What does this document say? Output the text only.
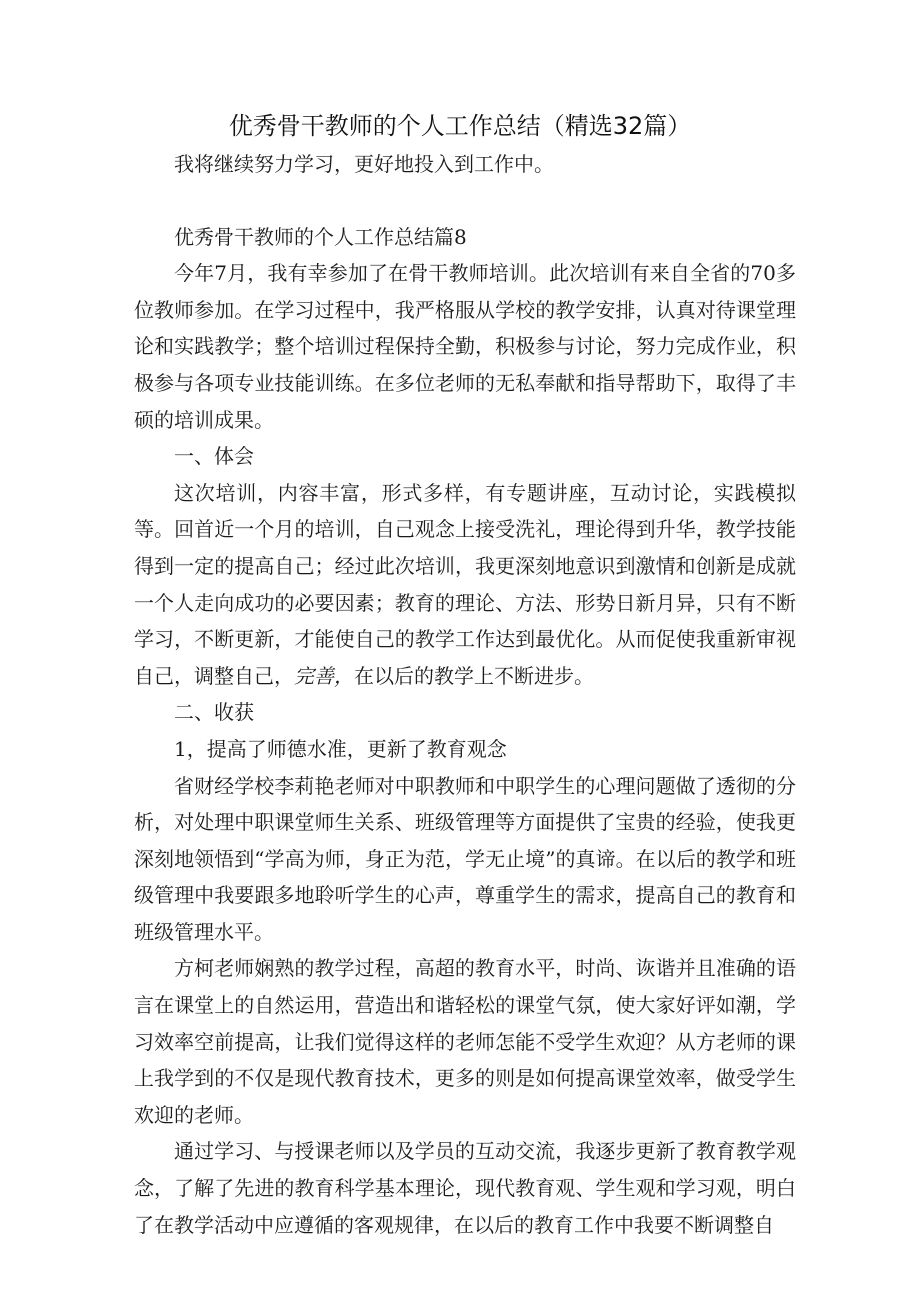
优秀骨干教师的个人工作总结（精选32篇）

我将继续努力学习，更好地投入到工作中。

优秀骨干教师的个人工作总结篇8

今年7月，我有幸参加了在骨干教师培训。此次培训有来自全省的70多位教师参加。在学习过程中，我严格服从学校的教学安排，认真对待课堂理论和实践教学；整个培训过程保持全勤，积极参与讨论，努力完成作业，积极参与各项专业技能训练。在多位老师的无私奉献和指导帮助下，取得了丰硕的培训成果。

一、体会

这次培训，内容丰富，形式多样，有专题讲座，互动讨论，实践模拟等。回首近一个月的培训，自己观念上接受洗礼，理论得到升华，教学技能得到一定的提高自己；经过此次培训，我更深刻地意识到激情和创新是成就一个人走向成功的必要因素；教育的理论、方法、形势日新月异，只有不断学习，不断更新，才能使自己的教学工作达到最优化。从而促使我重新审视自己，调整自己，完善，在以后的教学上不断进步。

二、收获

1，提高了师德水准，更新了教育观念

省财经学校李莉艳老师对中职教师和中职学生的心理问题做了透彻的分析，对处理中职课堂师生关系、班级管理等方面提供了宝贵的经验，使我更深刻地领悟到“学高为师，身正为范，学无止境”的真谛。在以后的教学和班级管理中我要跟多地聆听学生的心声，尊重学生的需求，提高自己的教育和班级管理水平。

方柯老师娴熟的教学过程，高超的教育水平，时尚、诙谐并且准确的语言在课堂上的自然运用，营造出和谐轻松的课堂气氛，使大家好评如潮，学习效率空前提高，让我们觉得这样的老师怎能不受学生欢迎？从方老师的课上我学到的不仅是现代教育技术，更多的则是如何提高课堂效率，做受学生欢迎的老师。

通过学习、与授课老师以及学员的互动交流，我逐步更新了教育教学观念，了解了先进的教育科学基本理论，现代教育观、学生观和学习观，明白了在教学活动中应遵循的客观规律，在以后的教育工作中我要不断调整自
